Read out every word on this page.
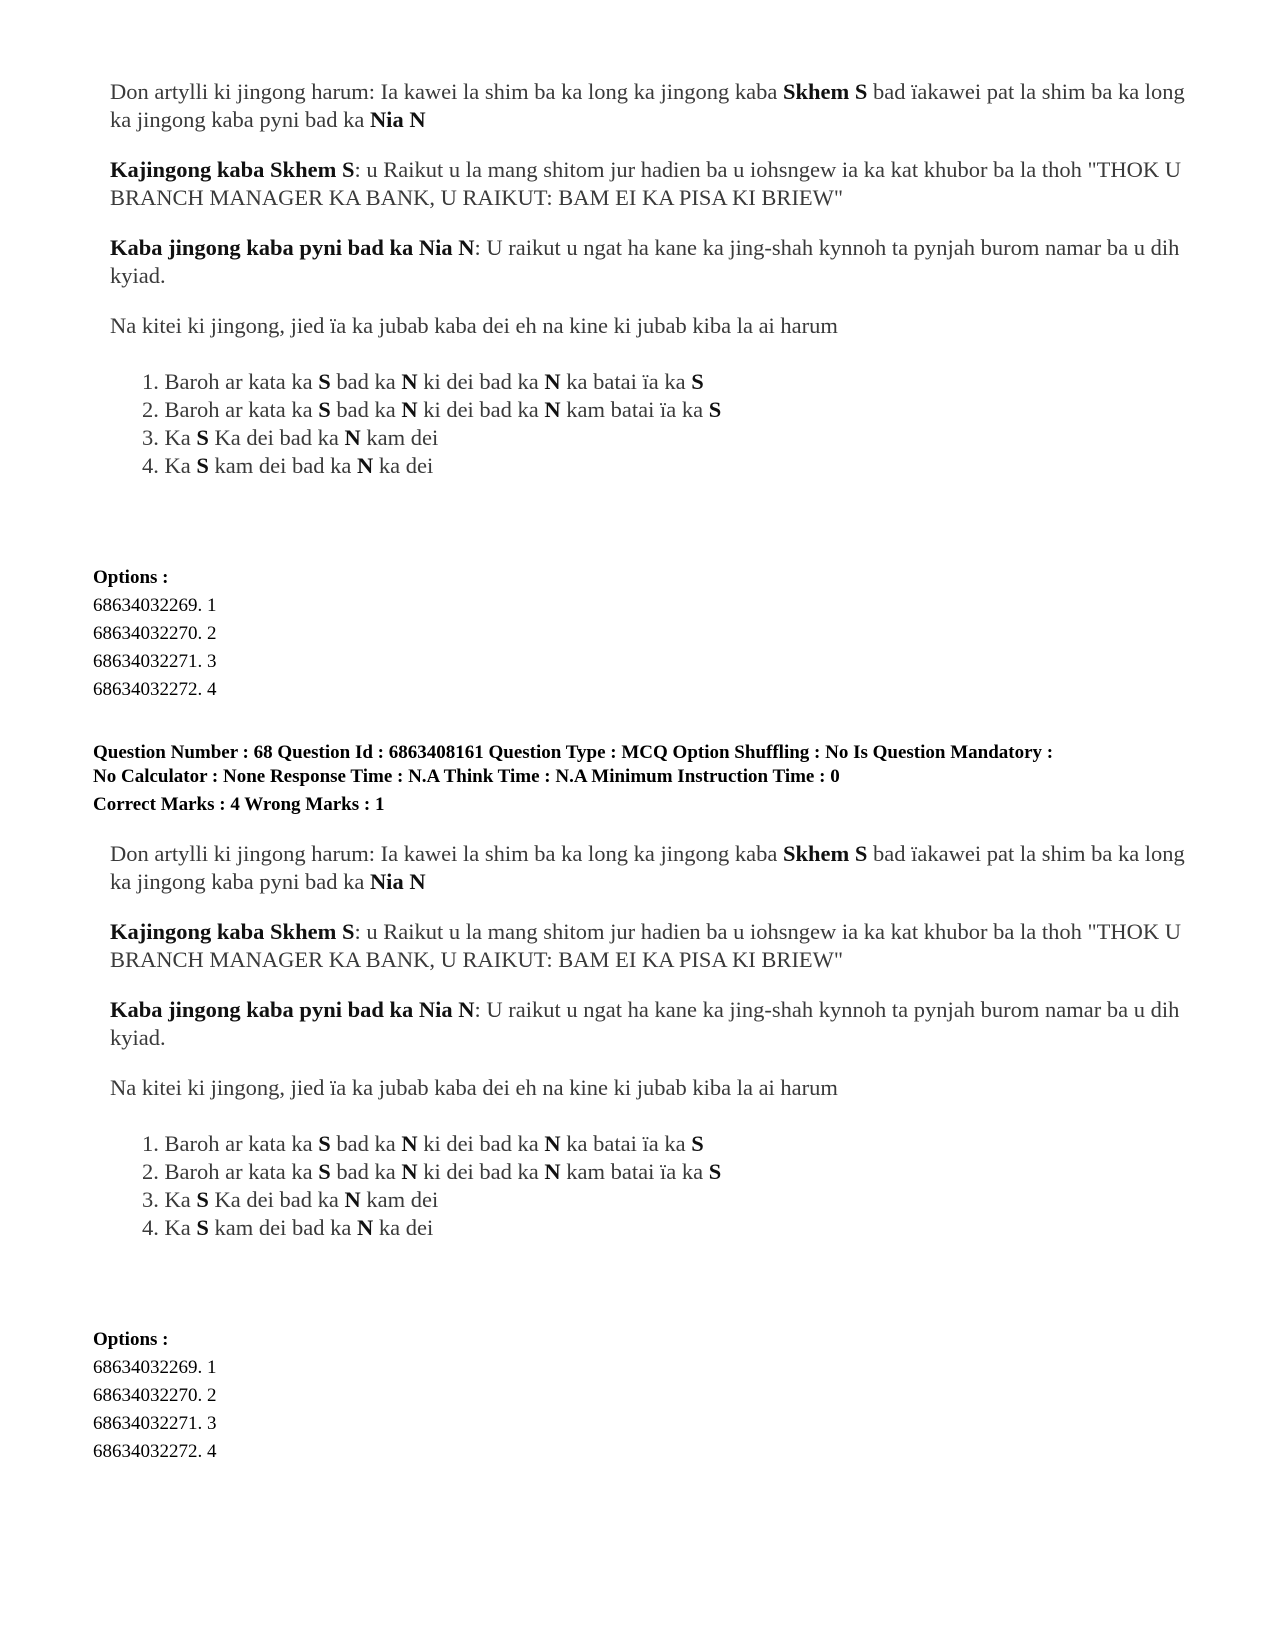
Don artylli ki jingong harum: Ia kawei la shim ba ka long ka jingong kaba Skhem S bad ïakawei pat la shim ba ka long ka jingong kaba pyni bad ka Nia N

Kajingong kaba Skhem S: u Raikut u la mang shitom jur hadien ba u iohsngew ia ka kat khubor ba la thoh "THOK U BRANCH MANAGER KA BANK, U RAIKUT: BAM EI KA PISA KI BRIEW"

Kaba jingong kaba pyni bad ka Nia N: U raikut u ngat ha kane ka jing-shah kynnoh ta pynjah burom namar ba u dih kyiad.

Na kitei ki jingong, jied ïa ka jubab kaba dei eh na kine ki jubab kiba la ai harum

1. Baroh ar kata ka S bad ka N ki dei bad ka N ka batai ïa ka S

2. Baroh ar kata ka S bad ka N ki dei bad ka N kam batai ïa ka S

3. Ka S Ka dei bad ka N kam dei

4. Ka S kam dei bad ka N ka dei

Options :

68634032269. 1

68634032270. 2

68634032271. 3

68634032272. 4

Question Number : 68 Question Id : 6863408161 Question Type : MCQ Option Shuffling : No Is Question Mandatory :

No Calculator : None Response Time : N.A Think Time : N.A Minimum Instruction Time : 0

Correct Marks : 4 Wrong Marks : 1

Don artylli ki jingong harum: Ia kawei la shim ba ka long ka jingong kaba Skhem S bad ïakawei pat la shim ba ka long ka jingong kaba pyni bad ka Nia N

Kajingong kaba Skhem S: u Raikut u la mang shitom jur hadien ba u iohsngew ia ka kat khubor ba la thoh "THOK U BRANCH MANAGER KA BANK, U RAIKUT: BAM EI KA PISA KI BRIEW"

Kaba jingong kaba pyni bad ka Nia N: U raikut u ngat ha kane ka jing-shah kynnoh ta pynjah burom namar ba u dih kyiad.

Na kitei ki jingong, jied ïa ka jubab kaba dei eh na kine ki jubab kiba la ai harum

1. Baroh ar kata ka S bad ka N ki dei bad ka N ka batai ïa ka S

2. Baroh ar kata ka S bad ka N ki dei bad ka N kam batai ïa ka S

3. Ka S Ka dei bad ka N kam dei

4. Ka S kam dei bad ka N ka dei

Options :

68634032269. 1

68634032270. 2

68634032271. 3

68634032272. 4
